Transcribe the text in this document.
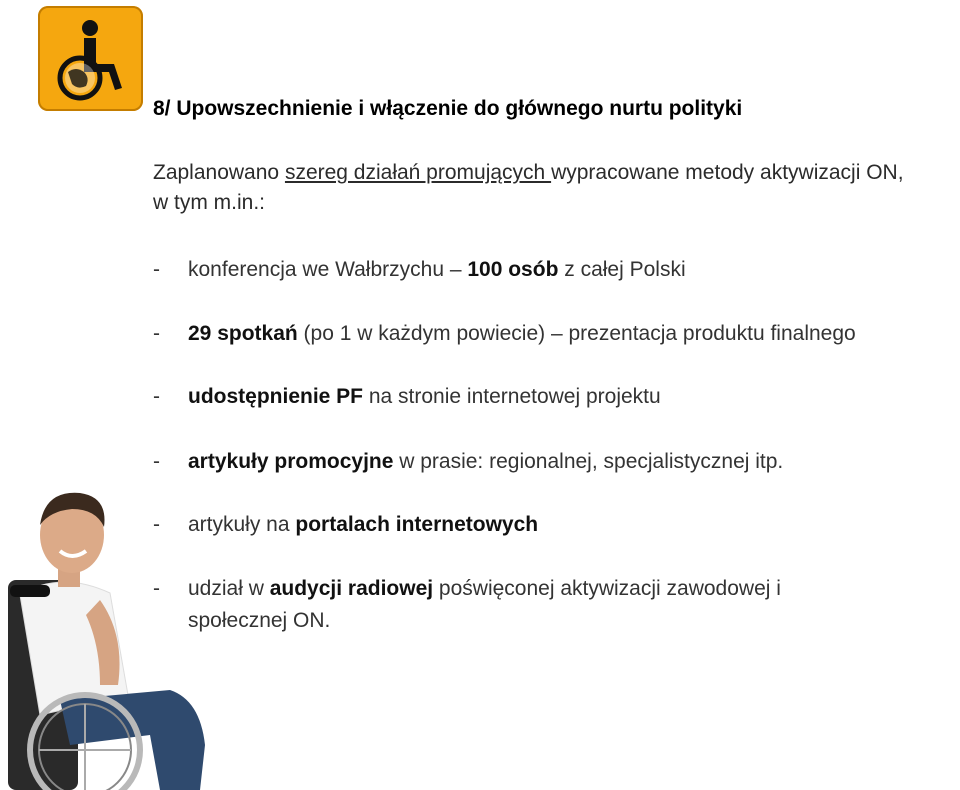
8/ Upowszechnienie i włączenie do głównego nurtu polityki
Zaplanowano szereg działań promujących wypracowane metody aktywizacji ON, w tym m.in.:
- konferencja we Wałbrzychu – 100 osób z całej Polski
- 29 spotkań (po 1 w każdym powiecie) – prezentacja produktu finalnego
- udostępnienie PF na stronie internetowej projektu
- artykuły promocyjne w prasie: regionalnej, specjalistycznej itp.
- artykuły na portalach internetowych
- udział w audycji radiowej poświęconej aktywizacji zawodowej i
społecznej ON.
